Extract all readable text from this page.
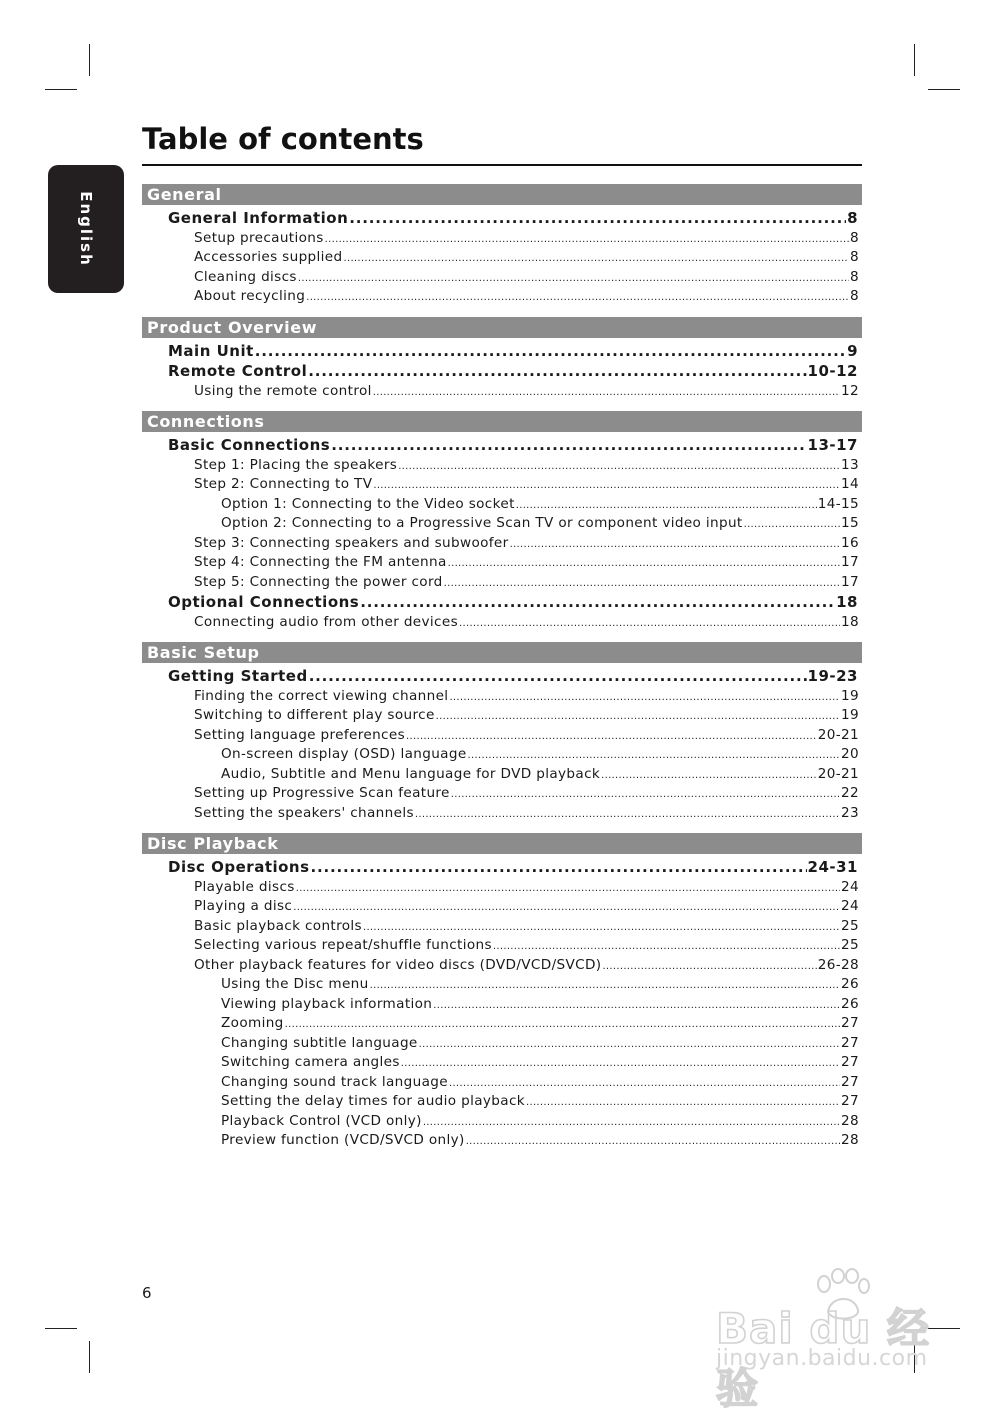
English
Table of contents
General
General Information .....	8
Setup precautions .....	8
Accessories supplied .....	8
Cleaning discs .....	8
About recycling .....	8
Product Overview
Main Unit .....	9
Remote Control .....	10-12
Using the remote control .....	12
Connections
Basic Connections .....	13-17
Step 1: Placing the speakers .....	13
Step 2: Connecting to TV .....	14
Option 1: Connecting to the Video socket .....	14-15
Option 2: Connecting to a Progressive Scan TV or component video input .....	15
Step 3: Connecting speakers and subwoofer .....	16
Step 4: Connecting the FM antenna .....	17
Step 5: Connecting the power cord .....	17
Optional Connections .....	18
Connecting audio from other devices .....	18
Basic Setup
Getting Started .....	19-23
Finding the correct viewing channel .....	19
Switching to different play source .....	19
Setting language preferences .....	20-21
On-screen display (OSD) language .....	20
Audio, Subtitle and Menu language for DVD playback .....	20-21
Setting up Progressive Scan feature .....	22
Setting the speakers' channels .....	23
Disc Playback
Disc Operations .....	24-31
Playable discs .....	24
Playing a disc .....	24
Basic playback controls .....	25
Selecting various repeat/shuffle functions .....	25
Other playback features for video discs (DVD/VCD/SVCD) .....	26-28
Using the Disc menu .....	26
Viewing playback information .....	26
Zooming .....	27
Changing subtitle language .....	27
Switching camera angles .....	27
Changing sound track language .....	27
Setting the delay times for audio playback .....	27
Playback Control (VCD only) .....	28
Preview function (VCD/SVCD only) .....	28
6
Bai du 经验
jingyan.baidu.com
